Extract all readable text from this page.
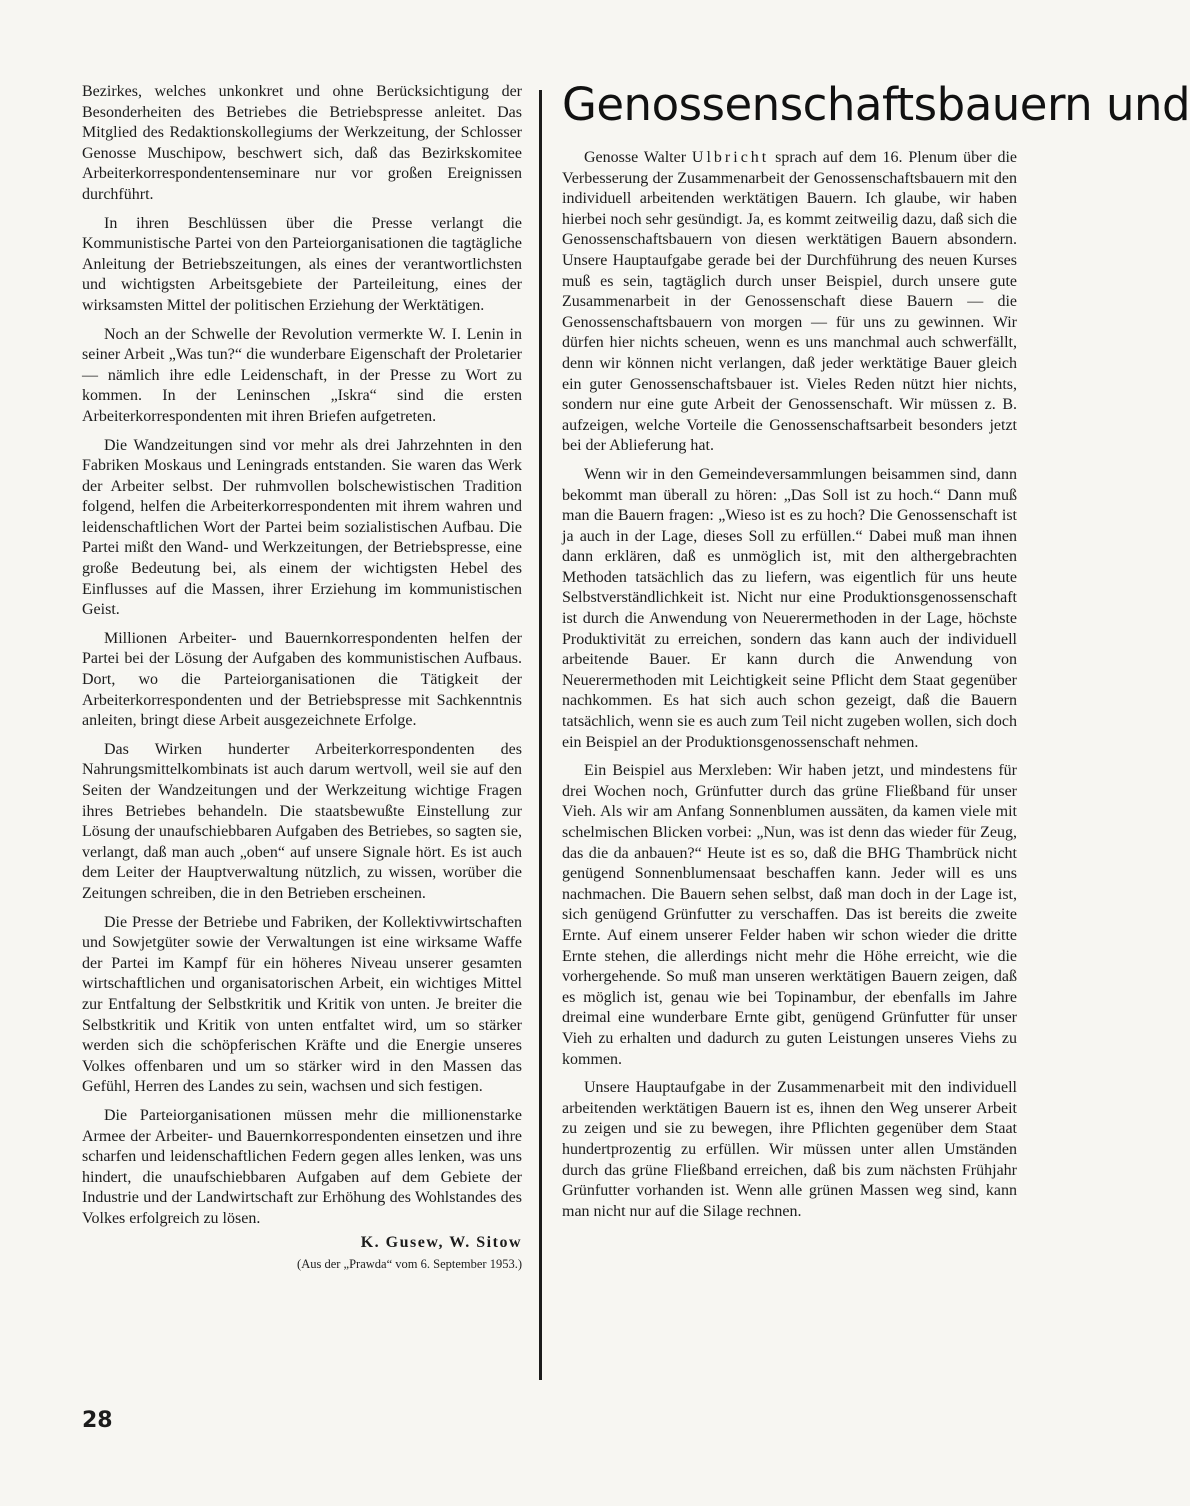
Bezirkes, welches unkonkret und ohne Berücksichtigung der Besonderheiten des Betriebes die Betriebspresse anleitet. Das Mitglied des Redaktionskollegiums der Werkzeitung, der Schlosser Genosse Muschipow, beschwert sich, daß das Bezirkskomitee Arbeiterkorrespondentenseminare nur vor großen Ereignissen durchführt.

In ihren Beschlüssen über die Presse verlangt die Kommunistische Partei von den Parteiorganisationen die tagtägliche Anleitung der Betriebszeitungen, als eines der verantwortlichsten und wichtigsten Arbeitsgebiete der Parteileitung, eines der wirksamsten Mittel der politischen Erziehung der Werktätigen.

Noch an der Schwelle der Revolution vermerkte W. I. Lenin in seiner Arbeit „Was tun?“ die wunderbare Eigenschaft der Proletarier — nämlich ihre edle Leidenschaft, in der Presse zu Wort zu kommen. In der Leninschen „Iskra“ sind die ersten Arbeiterkorrespondenten mit ihren Briefen aufgetreten.

Die Wandzeitungen sind vor mehr als drei Jahrzehnten in den Fabriken Moskaus und Leningrads entstanden. Sie waren das Werk der Arbeiter selbst. Der ruhmvollen bolschewistischen Tradition folgend, helfen die Arbeiterkorrespondenten mit ihrem wahren und leidenschaftlichen Wort der Partei beim sozialistischen Aufbau. Die Partei mißt den Wand- und Werkzeitungen, der Betriebspresse, eine große Bedeutung bei, als einem der wichtigsten Hebel des Einflusses auf die Massen, ihrer Erziehung im kommunistischen Geist.

Millionen Arbeiter- und Bauernkorrespondenten helfen der Partei bei der Lösung der Aufgaben des kommunistischen Aufbaus. Dort, wo die Parteiorganisationen die Tätigkeit der Arbeiterkorrespondenten und der Betriebspresse mit Sachkenntnis anleiten, bringt diese Arbeit ausgezeichnete Erfolge.

Das Wirken hunderter Arbeiterkorrespondenten des Nahrungsmittelkombinats ist auch darum wertvoll, weil sie auf den Seiten der Wandzeitungen und der Werkzeitung wichtige Fragen ihres Betriebes behandeln. Die staatsbewußte Einstellung zur Lösung der unaufschiebbaren Aufgaben des Betriebes, so sagten sie, verlangt, daß man auch „oben“ auf unsere Signale hört. Es ist auch dem Leiter der Hauptverwaltung nützlich, zu wissen, worüber die Zeitungen schreiben, die in den Betrieben erscheinen.

Die Presse der Betriebe und Fabriken, der Kollektivwirtschaften und Sowjetgüter sowie der Verwaltungen ist eine wirksame Waffe der Partei im Kampf für ein höheres Niveau unserer gesamten wirtschaftlichen und organisatorischen Arbeit, ein wichtiges Mittel zur Entfaltung der Selbstkritik und Kritik von unten. Je breiter die Selbstkritik und Kritik von unten entfaltet wird, um so stärker werden sich die schöpferischen Kräfte und die Energie unseres Volkes offenbaren und um so stärker wird in den Massen das Gefühl, Herren des Landes zu sein, wachsen und sich festigen.

Die Parteiorganisationen müssen mehr die millionenstarke Armee der Arbeiter- und Bauernkorrespondenten einsetzen und ihre scharfen und leidenschaftlichen Federn gegen alles lenken, was uns hindert, die unaufschiebbaren Aufgaben auf dem Gebiete der Industrie und der Landwirtschaft zur Erhöhung des Wohlstandes des Volkes erfolgreich zu lösen.

K. Gusew, W. Sitow
(Aus der „Prawda“ vom 6. September 1953.)
Genossenschaftsbauern und

Genosse Walter Ulbricht sprach auf dem 16. Plenum über die Verbesserung der Zusammenarbeit der Genossenschaftsbauern mit den individuell arbeitenden werktätigen Bauern. Ich glaube, wir haben hierbei noch sehr gesündigt. Ja, es kommt zeitweilig dazu, daß sich die Genossenschaftsbauern von diesen werktätigen Bauern absondern. Unsere Hauptaufgabe gerade bei der Durchführung des neuen Kurses muß es sein, tagtäglich durch unser Beispiel, durch unsere gute Zusammenarbeit in der Genossenschaft diese Bauern — die Genossenschaftsbauern von morgen — für uns zu gewinnen. Wir dürfen hier nichts scheuen, wenn es uns manchmal auch schwerfällt, denn wir können nicht verlangen, daß jeder werktätige Bauer gleich ein guter Genossenschaftsbauer ist. Vieles Reden nützt hier nichts, sondern nur eine gute Arbeit der Genossenschaft. Wir müssen z. B. aufzeigen, welche Vorteile die Genossenschaftsarbeit besonders jetzt bei der Ablieferung hat.

Wenn wir in den Gemeindeversammlungen beisammen sind, dann bekommt man überall zu hören: „Das Soll ist zu hoch.“ Dann muß man die Bauern fragen: „Wieso ist es zu hoch? Die Genossenschaft ist ja auch in der Lage, dieses Soll zu erfüllen.“ Dabei muß man ihnen dann erklären, daß es unmöglich ist, mit den althergebrachten Methoden tatsächlich das zu liefern, was eigentlich für uns heute Selbstverständlichkeit ist. Nicht nur eine Produktionsgenossenschaft ist durch die Anwendung von Neuerermethoden in der Lage, höchste Produktivität zu erreichen, sondern das kann auch der individuell arbeitende Bauer. Er kann durch die Anwendung von Neuerermethoden mit Leichtigkeit seine Pflicht dem Staat gegenüber nachkommen. Es hat sich auch schon gezeigt, daß die Bauern tatsächlich, wenn sie es auch zum Teil nicht zugeben wollen, sich doch ein Beispiel an der Produktionsgenossenschaft nehmen.

Ein Beispiel aus Merxleben: Wir haben jetzt, und mindestens für drei Wochen noch, Grünfutter durch das grüne Fließband für unser Vieh. Als wir am Anfang Sonnenblumen aussäten, da kamen viele mit schelmischen Blicken vorbei: „Nun, was ist denn das wieder für Zeug, das die da anbauen?“ Heute ist es so, daß die BHG Thambrück nicht genügend Sonnenblumensaat beschaffen kann. Jeder will es uns nachmachen. Die Bauern sehen selbst, daß man doch in der Lage ist, sich genügend Grünfutter zu verschaffen. Das ist bereits die zweite Ernte. Auf einem unserer Felder haben wir schon wieder die dritte Ernte stehen, die allerdings nicht mehr die Höhe erreicht, wie die vorhergehende. So muß man unseren werktätigen Bauern zeigen, daß es möglich ist, genau wie bei Topinambur, der ebenfalls im Jahre dreimal eine wunderbare Ernte gibt, genügend Grünfutter für unser Vieh zu erhalten und dadurch zu guten Leistungen unseres Viehs zu kommen.

Unsere Hauptaufgabe in der Zusammenarbeit mit den individuell arbeitenden werktätigen Bauern ist es, ihnen den Weg unserer Arbeit zu zeigen und sie zu bewegen, ihre Pflichten gegenüber dem Staat hundertprozentig zu erfüllen. Wir müssen unter allen Umständen durch das grüne Fließband erreichen, daß bis zum nächsten Frühjahr Grünfutter vorhanden ist. Wenn alle grünen Massen weg sind, kann man nicht nur auf die Silage rechnen.

28
